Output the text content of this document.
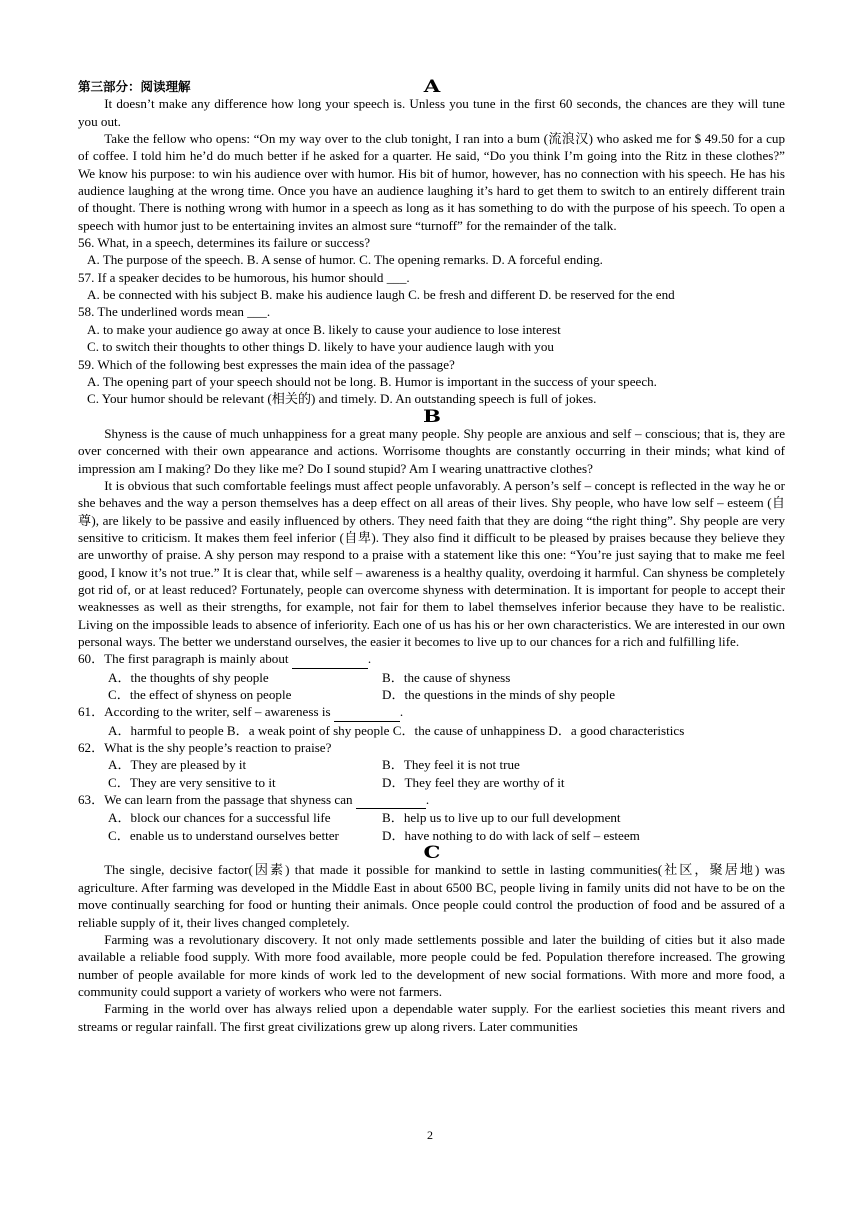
第三部分：阅读理解	A

It doesn’t make any difference how long your speech is. Unless you tune in the first 60 seconds, the chances are they will tune you out.

Take the fellow who opens: “On my way over to the club tonight, I ran into a bum (流浪汉) who asked me for $ 49.50 for a cup of coffee. I told him he’d do much better if he asked for a quarter. He said, “Do you think I’m going into the Ritz in these clothes?” We know his purpose: to win his audience over with humor. His bit of humor, however, has no connection with his speech. He has his audience laughing at the wrong time. Once you have an audience laughing it’s hard to get them to switch to an entirely different train of thought. There is nothing wrong with humor in a speech as long as it has something to do with the purpose of his speech. To open a speech with humor just to be entertaining invites an almost sure “turnoff” for the remainder of the talk.

56. What, in a speech, determines its failure or success?

A. The purpose of the speech. B. A sense of humor. C. The opening remarks. D. A forceful ending.

57. If a speaker decides to be humorous, his humor should ___.

A. be connected with his subject B. make his audience laugh C. be fresh and different D. be reserved for the end

58. The underlined words mean ___.

A. to make your audience go away at once B. likely to cause your audience to lose interest

C. to switch their thoughts to other things D. likely to have your audience laugh with you

59. Which of the following best expresses the main idea of the passage?

A. The opening part of your speech should not be long. B. Humor is important in the success of your speech.

C. Your humor should be relevant (相关的) and timely. D. An outstanding speech is full of jokes.

B

Shyness is the cause of much unhappiness for a great many people. Shy people are anxious and self – conscious; that is, they are over concerned with their own appearance and actions. Worrisome thoughts are constantly occurring in their minds; what kind of impression am I making? Do they like me? Do I sound stupid? Am I wearing unattractive clothes?

It is obvious that such comfortable feelings must affect people unfavorably. A person’s self – concept is reflected in the way he or she behaves and the way a person themselves has a deep effect on all areas of their lives. Shy people, who have low self – esteem (自尊), are likely to be passive and easily influenced by others. They need faith that they are doing “the right thing”. Shy people are very sensitive to criticism. It makes them feel inferior (自卑). They also find it difficult to be pleased by praises because they believe they are unworthy of praise. A shy person may respond to a praise with a statement like this one: “You’re just saying that to make me feel good, I know it’s not true.” It is clear that, while self – awareness is a healthy quality, overdoing it harmful. Can shyness be completely got rid of, or at least reduced? Fortunately, people can overcome shyness with determination. It is important for people to accept their weaknesses as well as their strengths, for example, not fair for them to label themselves inferior because they have to be realistic. Living on the impossible leads to absence of inferiority. Each one of us has his or her own characteristics. We are interested in our own personal ways. The better we understand ourselves, the easier it becomes to live up to our chances for a rich and fulfilling life.

60．The first paragraph is mainly about	.

A．the thoughts of shy people	B．the cause of shyness
C．the effect of shyness on people	D．the questions in the minds of shy people

61．According to the writer, self – awareness is	.

A．harmful to people B．a weak point of shy people C．the cause of unhappiness D．a good characteristics

62．What is the shy people’s reaction to praise?

A．They are pleased by it	B．They feel it is not true
C．They are very sensitive to it	D．They feel they are worthy of it

63．We can learn from the passage that shyness can	.

A．block our chances for a successful life	B．help us to live up to our full development
C．enable us to understand ourselves better	D．have nothing to do with lack of self – esteem
C

The single, decisive factor(因素) that made it possible for mankind to settle in lasting communities(社区，聚居地) was agriculture. After farming was developed in the Middle East in about 6500 BC, people living in family units did not have to be on the move continually searching for food or hunting their animals. Once people could control the production of food and be assured of a reliable supply of it, their lives changed completely.

Farming was a revolutionary discovery. It not only made settlements possible and later the building of cities but it also made available a reliable food supply. With more food available, more people could be fed. Population therefore increased. The growing number of people available for more kinds of work led to the development of new social formations. With more and more food, a community could support a variety of workers who were not farmers.

Farming in the world over has always relied upon a dependable water supply. For the earliest societies this meant rivers and streams or regular rainfall. The first great civilizations grew up along rivers. Later communities

2
